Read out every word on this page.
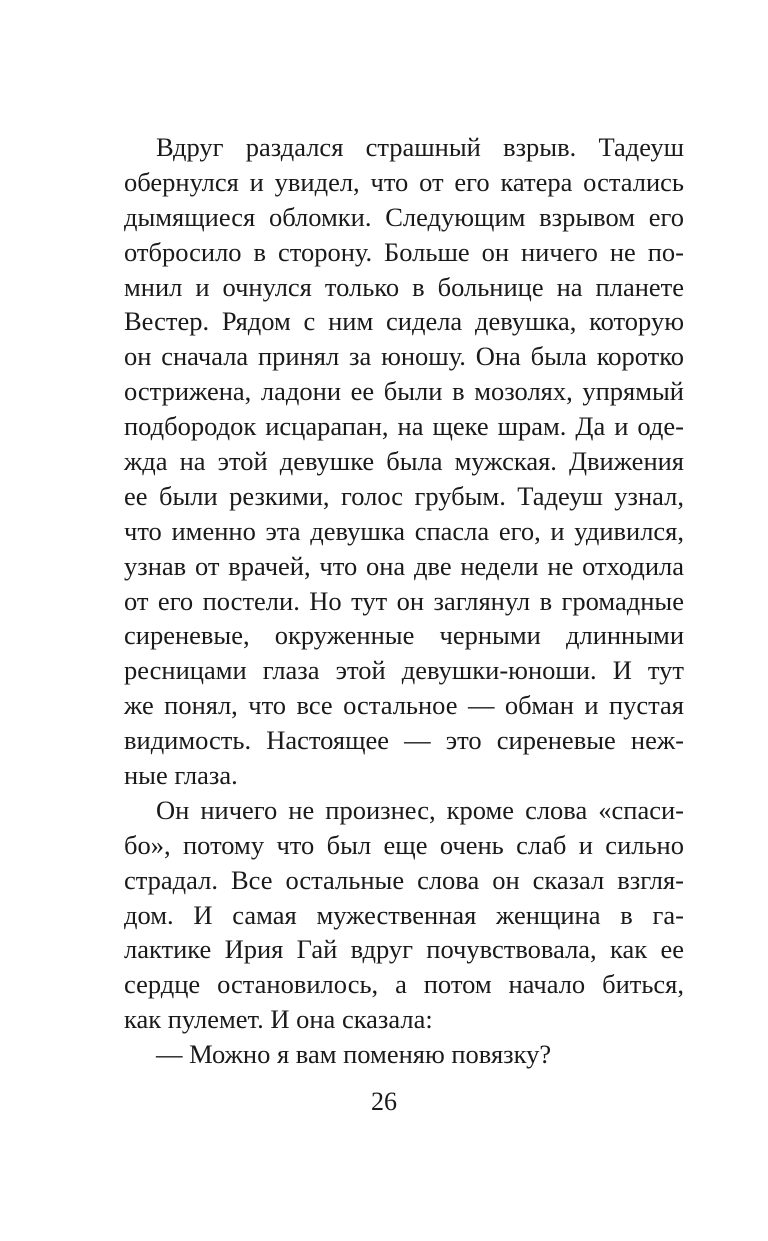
Вдруг раздался страшный взрыв. Тадеуш
обернулся и увидел, что от его катера остались
дымящиеся обломки. Следующим взрывом его
отбросило в сторону. Больше он ничего не по-
мнил и очнулся только в больнице на планете
Вестер. Рядом с ним сидела девушка, которую
он сначала принял за юношу. Она была коротко
острижена, ладони ее были в мозолях, упрямый
подбородок исцарапан, на щеке шрам. Да и оде-
жда на этой девушке была мужская. Движения
ее были резкими, голос грубым. Тадеуш узнал,
что именно эта девушка спасла его, и удивился,
узнав от врачей, что она две недели не отходила
от его постели. Но тут он заглянул в громадные
сиреневые, окруженные черными длинными
ресницами глаза этой девушки-юноши. И тут
же понял, что все остальное — обман и пустая
видимость. Настоящее — это сиреневые неж-
ные глаза.
Он ничего не произнес, кроме слова «спаси-
бо», потому что был еще очень слаб и сильно
страдал. Все остальные слова он сказал взгля-
дом. И самая мужественная женщина в га-
лактике Ирия Гай вдруг почувствовала, как ее
сердце остановилось, а потом начало биться,
как пулемет. И она сказала:
— Можно я вам поменяю повязку?
26
